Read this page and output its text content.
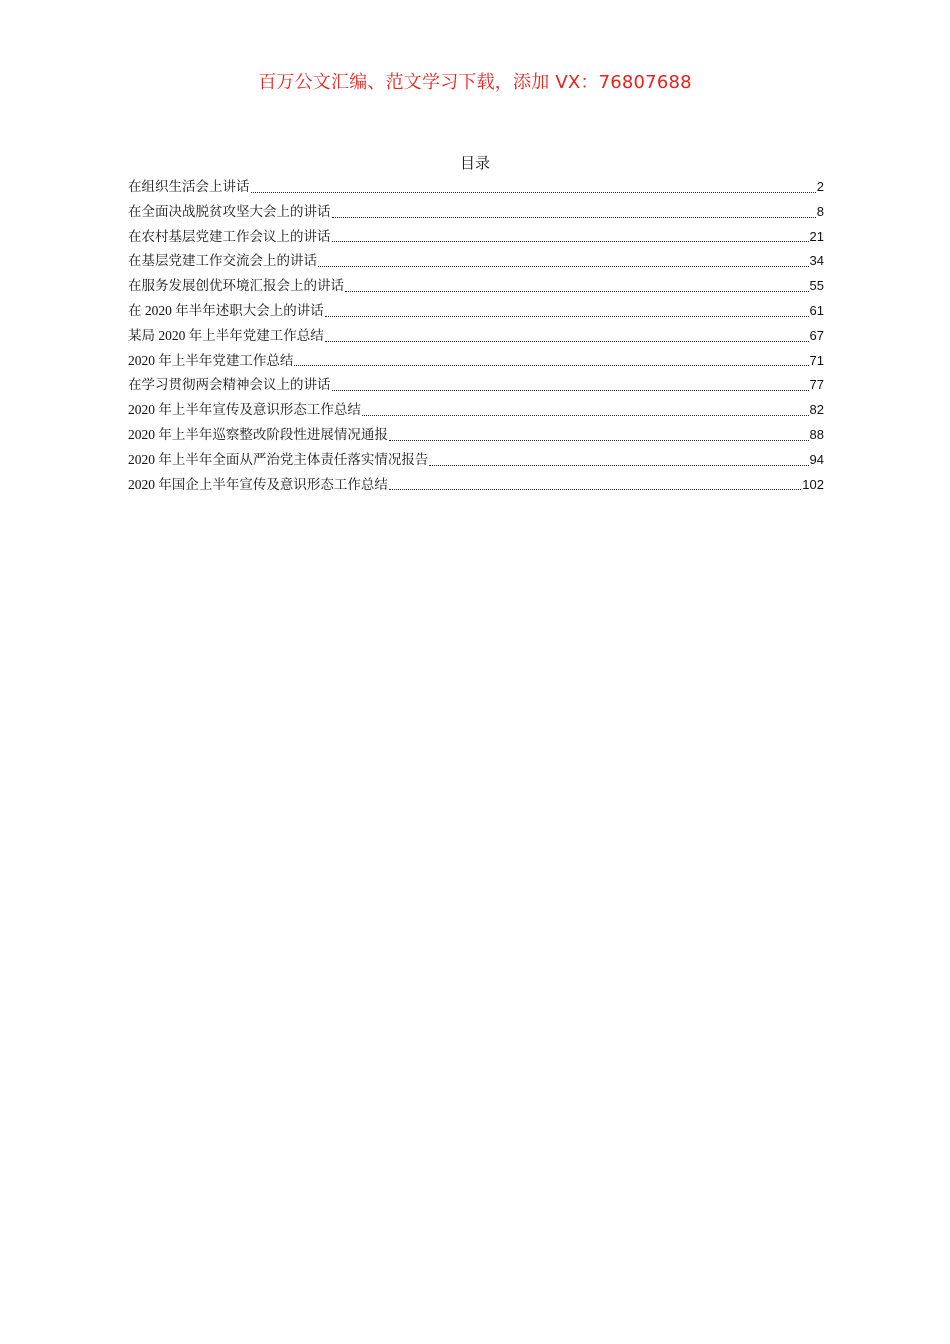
百万公文汇编、范文学习下载，添加 VX：76807688
目录
在组织生活会上讲话	2
在全面决战脱贫攻坚大会上的讲话	8
在农村基层党建工作会议上的讲话	21
在基层党建工作交流会上的讲话	34
在服务发展创优环境汇报会上的讲话	55
在 2020 年半年述职大会上的讲话	61
某局 2020 年上半年党建工作总结	67
2020 年上半年党建工作总结	71
在学习贯彻两会精神会议上的讲话	77
2020 年上半年宣传及意识形态工作总结	82
2020 年上半年巡察整改阶段性进展情况通报	88
2020 年上半年全面从严治党主体责任落实情况报告	94
2020 年国企上半年宣传及意识形态工作总结	102
